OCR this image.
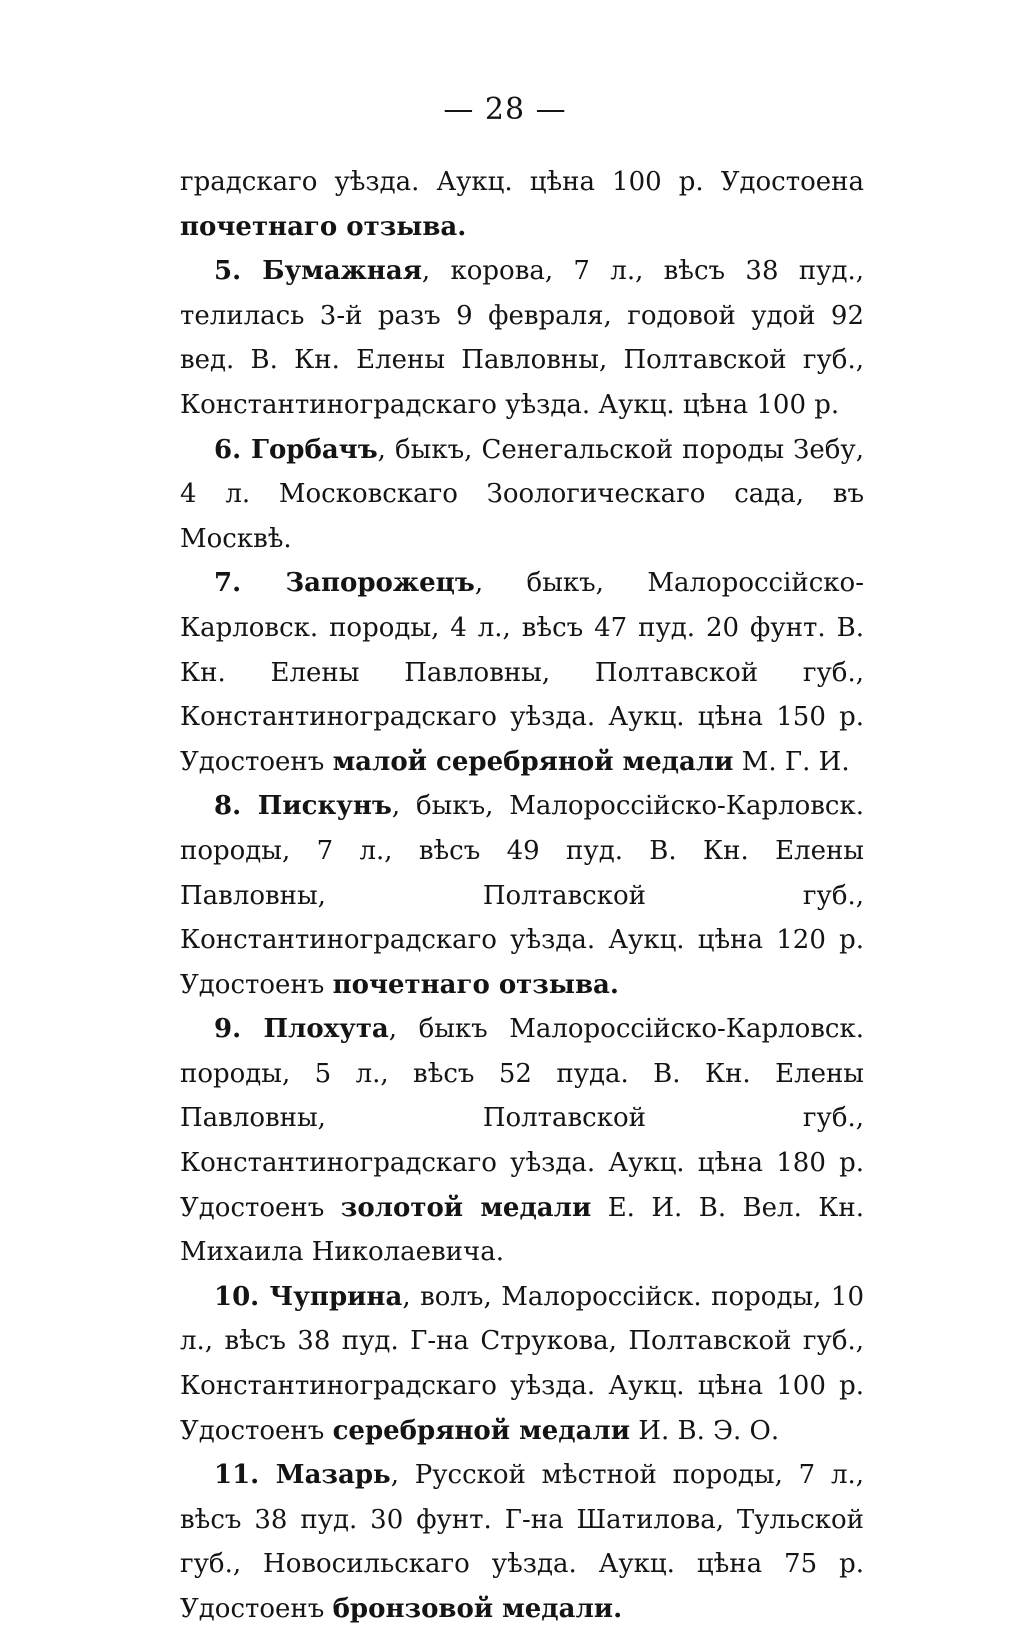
— 28 —

градскаго уѣзда. Аукц. цѣна 100 р. Удостоена почетнаго отзыва.

5. Бумажная, корова, 7 л., вѣсъ 38 пуд., телилась 3-й разъ 9 февраля, годовой удой 92 вед. В. Кн. Елены Павловны, Полтавской губ., Константиноградскаго уѣзда. Аукц. цѣна 100 р.

6. Горбачъ, быкъ, Сенегальской породы Зебу, 4 л. Московскаго Зоологическаго сада, въ Москвѣ.

7. Запорожецъ, быкъ, Малороссійско-Карловск. породы, 4 л., вѣсъ 47 пуд. 20 фунт. В. Кн. Елены Павловны, Полтавской губ., Константиноградскаго уѣзда. Аукц. цѣна 150 р. Удостоенъ малой серебряной медали М. Г. И.

8. Пискунъ, быкъ, Малороссійско-Карловск. породы, 7 л., вѣсъ 49 пуд. В. Кн. Елены Павловны, Полтавской губ., Константиноградскаго уѣзда. Аукц. цѣна 120 р. Удостоенъ почетнаго отзыва.

9. Плохута, быкъ Малороссійско-Карловск. породы, 5 л., вѣсъ 52 пуда. В. Кн. Елены Павловны, Полтавской губ., Константиноградскаго уѣзда. Аукц. цѣна 180 р. Удостоенъ золотой медали Е. И. В. Вел. Кн. Михаила Николаевича.

10. Чуприна, волъ, Малороссійск. породы, 10 л., вѣсъ 38 пуд. Г-на Струкова, Полтавской губ., Константиноградскаго уѣзда. Аукц. цѣна 100 р. Удостоенъ серебряной медали И. В. Э. О.

11. Мазарь, Русской мѣстной породы, 7 л., вѣсъ 38 пуд. 30 фунт. Г-на Шатилова, Тульской губ., Новосильскаго уѣзда. Аукц. цѣна 75 р. Удостоенъ бронзовой медали.
